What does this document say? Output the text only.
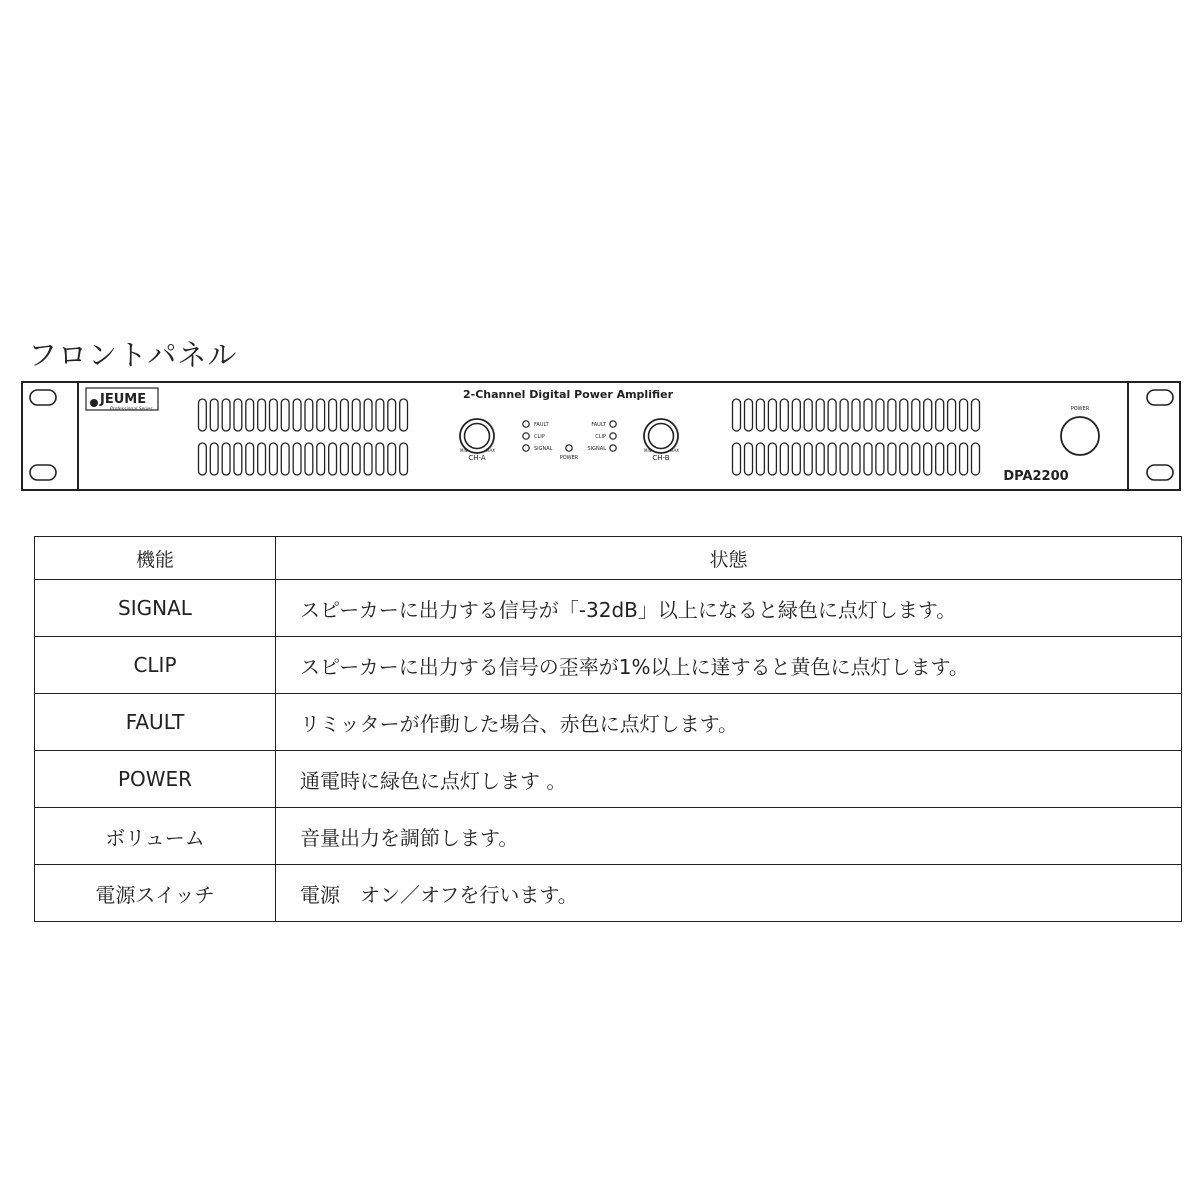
フロントパネル
JEUME
Professional Series
2-Channel Digital Power Amplifier
MIN	MAX
CH-A
FAULT
CLIP
SIGNAL
POWER
FAULT
CLIP
SIGNAL	MIN	MAX
CH-B
POWER
DPA2200
機能	状態
SIGNAL	スピーカーに出力する信号が「-32dB」以上になると緑色に点灯します。
CLIP	スピーカーに出力する信号の歪率が1%以上に達すると黄色に点灯します。
FAULT	リミッターが作動した場合、赤色に点灯します。
POWER	通電時に緑色に点灯します 。
ボリューム	音量出力を調節します。
電源スイッチ	電源　オン／オフを行います。
